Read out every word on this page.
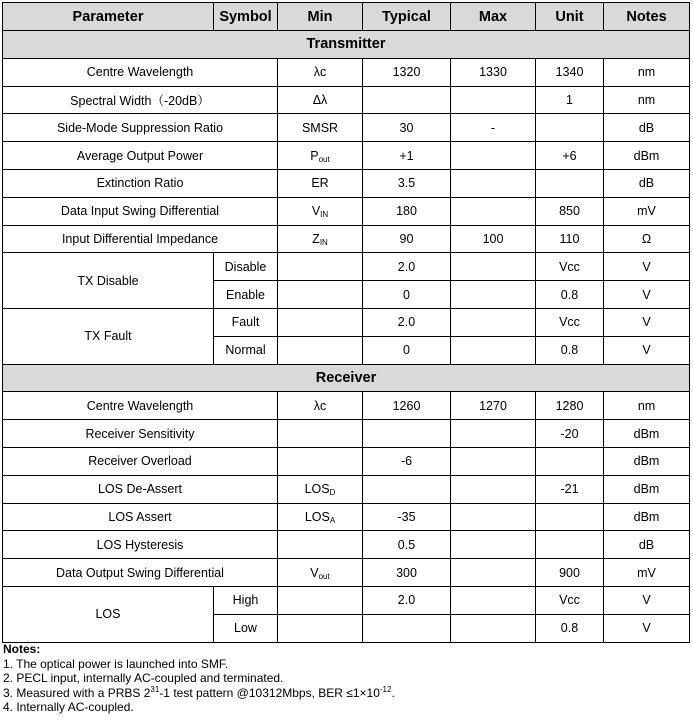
Parameter	Symbol	Min	Typical	Max	Unit	Notes	
Transmitter							
Centre Wavelength		λc	1320	1330	1340	nm	
Spectral Width（-20dB）		Δλ			1	nm	
Side-Mode Suppression Ratio		SMSR	30	-		dB	
Average Output Power		$P_{out}$	+1		+6	dBm	
Extinction Ratio		ER	3.5			dB	
Data Input Swing Differential		$V_{IN}$	180		850	mV	
Input Differential Impedance		$Z_{IN}$	90	100	110	Ω	
TX Disable	Disable		2.0		Vcc	V	
	Enable		0		0.8	V	
TX Fault	Fault		2.0		Vcc	V	
	Normal		0		0.8	V	
Receiver							
Centre Wavelength		λc	1260	1270	1280	nm	
Receiver Sensitivity					-20	dBm	
Receiver Overload			-6			dBm	
LOS De-Assert		$LOS_D$			-21	dBm	
LOS Assert		$LOS_A$	-35			dBm	
LOS Hysteresis			0.5			dB	
Data Output Swing Differential		$V_{out}$	300		900	mV	
LOS	High		2.0		Vcc	V	
	Low				0.8	V	
Notes:
1. The optical power is launched into SMF.
2. PECL input, internally AC-coupled and terminated.
3. Measured with a PRBS $2^{31}-1$ test pattern @10312Mbps, BER $\le 1\times 10^{-12}$.
4. Internally AC-coupled.
